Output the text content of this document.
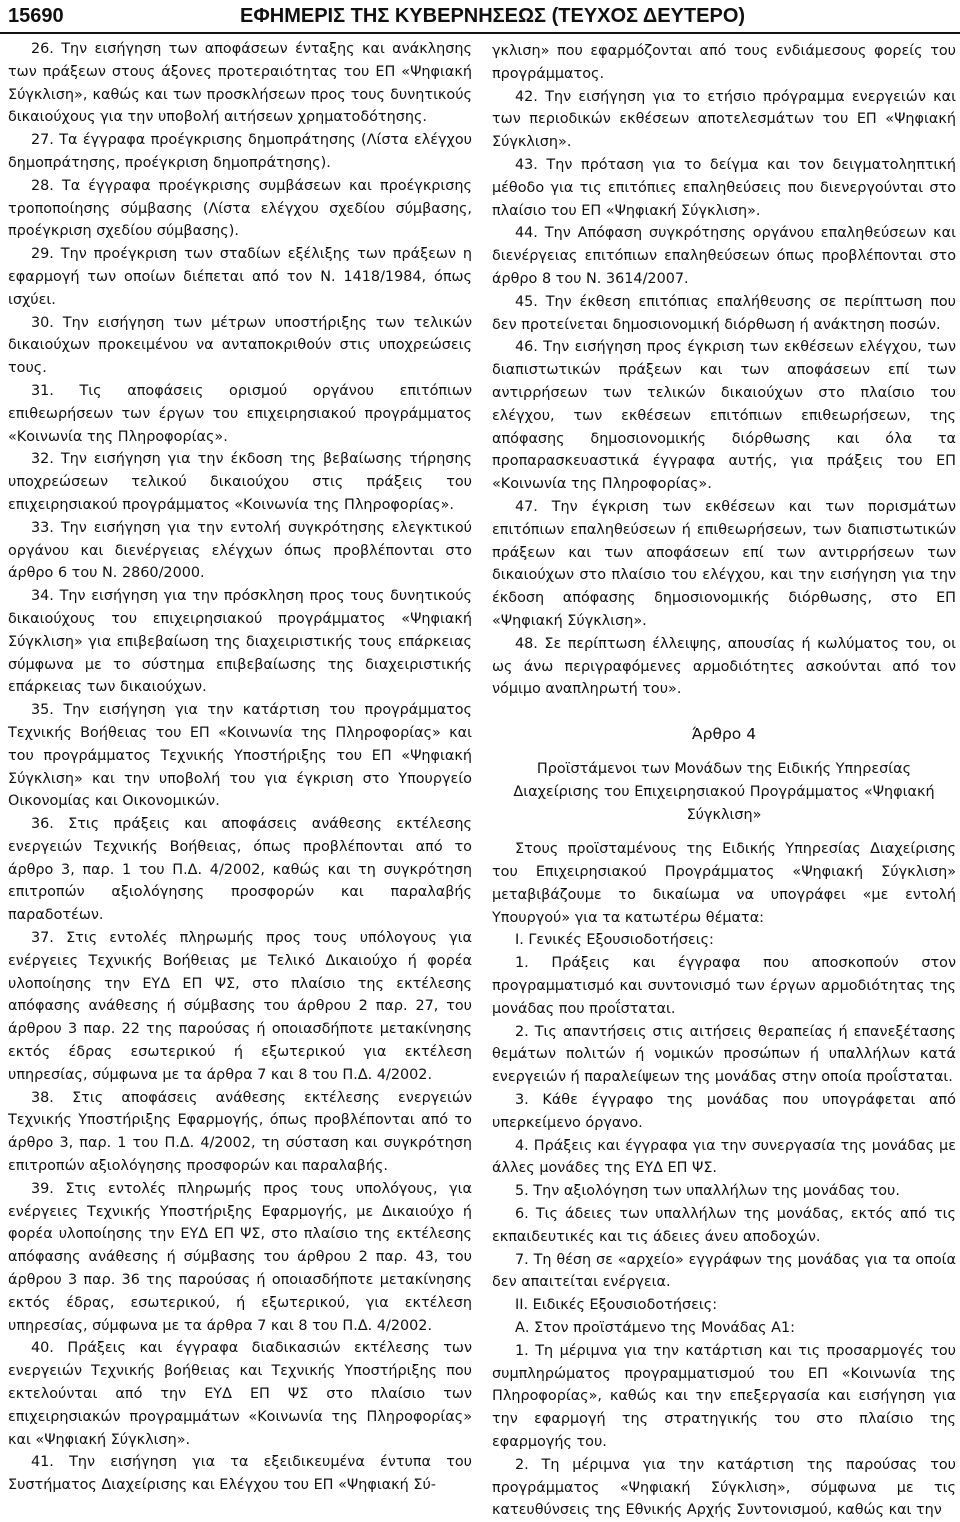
15690	ΕΦΗΜΕΡΙΣ ΤΗΣ ΚΥΒΕΡΝΗΣΕΩΣ (ΤΕΥΧΟΣ ΔΕΥΤΕΡΟ)

26. Την εισήγηση των αποφάσεων ένταξης και ανάκλησης των πράξεων στους άξονες προτεραιότητας του ΕΠ «Ψηφιακή Σύγκλιση», καθώς και των προσκλήσεων προς τους δυνητικούς δικαιούχους για την υποβολή αιτήσεων χρηματοδότησης.

27. Τα έγγραφα προέγκρισης δημοπράτησης (Λίστα ελέγχου δημοπράτησης, προέγκριση δημοπράτησης).

28. Τα έγγραφα προέγκρισης συμβάσεων και προέγκρισης τροποποίησης σύμβασης (Λίστα ελέγχου σχεδίου σύμβασης, προέγκριση σχεδίου σύμβασης).

29. Την προέγκριση των σταδίων εξέλιξης των πράξεων η εφαρμογή των οποίων διέπεται από τον Ν. 1418/1984, όπως ισχύει.

30. Την εισήγηση των μέτρων υποστήριξης των τελικών δικαιούχων προκειμένου να ανταποκριθούν στις υποχρεώσεις τους.

31. Τις αποφάσεις ορισμού οργάνου επιτόπιων επιθεωρήσεων των έργων του επιχειρησιακού προγράμματος «Κοινωνία της Πληροφορίας».

32. Την εισήγηση για την έκδοση της βεβαίωσης τήρησης υποχρεώσεων τελικού δικαιούχου στις πράξεις του επιχειρησιακού προγράμματος «Κοινωνία της Πληροφορίας».

33. Την εισήγηση για την εντολή συγκρότησης ελεγκτικού οργάνου και διενέργειας ελέγχων όπως προβλέπονται στο άρθρο 6 του Ν. 2860/2000.

34. Την εισήγηση για την πρόσκληση προς τους δυνητικούς δικαιούχους του επιχειρησιακού προγράμματος «Ψηφιακή Σύγκλιση» για επιβεβαίωση της διαχειριστικής τους επάρκειας σύμφωνα με το σύστημα επιβεβαίωσης της διαχειριστικής επάρκειας των δικαιούχων.

35. Την εισήγηση για την κατάρτιση του προγράμματος Τεχνικής Βοήθειας του ΕΠ «Κοινωνία της Πληροφορίας» και του προγράμματος Τεχνικής Υποστήριξης του ΕΠ «Ψηφιακή Σύγκλιση» και την υποβολή του για έγκριση στο Υπουργείο Οικονομίας και Οικονομικών.

36. Στις πράξεις και αποφάσεις ανάθεσης εκτέλεσης ενεργειών Τεχνικής Βοήθειας, όπως προβλέπονται από το άρθρο 3, παρ. 1 του Π.Δ. 4/2002, καθώς και τη συγκρότηση επιτροπών αξιολόγησης προσφορών και παραλαβής παραδοτέων.

37. Στις εντολές πληρωμής προς τους υπόλογους για ενέργειες Τεχνικής Βοήθειας με Τελικό Δικαιούχο ή φορέα υλοποίησης την ΕΥΔ ΕΠ ΨΣ, στο πλαίσιο της εκτέλεσης απόφασης ανάθεσης ή σύμβασης του άρθρου 2 παρ. 27, του άρθρου 3 παρ. 22 της παρούσας ή οποιασδήποτε μετακίνησης εκτός έδρας εσωτερικού ή εξωτερικού για εκτέλεση υπηρεσίας, σύμφωνα με τα άρθρα 7 και 8 του Π.Δ. 4/2002.

38. Στις αποφάσεις ανάθεσης εκτέλεσης ενεργειών Τεχνικής Υποστήριξης Εφαρμογής, όπως προβλέπονται από το άρθρο 3, παρ. 1 του Π.Δ. 4/2002, τη σύσταση και συγκρότηση επιτροπών αξιολόγησης προσφορών και παραλαβής.

39. Στις εντολές πληρωμής προς τους υπολόγους, για ενέργειες Τεχνικής Υποστήριξης Εφαρμογής, με Δικαιούχο ή φορέα υλοποίησης την ΕΥΔ ΕΠ ΨΣ, στο πλαίσιο της εκτέλεσης απόφασης ανάθεσης ή σύμβασης του άρθρου 2 παρ. 43, του άρθρου 3 παρ. 36 της παρούσας ή οποιασδήποτε μετακίνησης εκτός έδρας, εσωτερικού, ή εξωτερικού, για εκτέλεση υπηρεσίας, σύμφωνα με τα άρθρα 7 και 8 του Π.Δ. 4/2002.

40. Πράξεις και έγγραφα διαδικασιών εκτέλεσης των ενεργειών Τεχνικής βοήθειας και Τεχνικής Υποστήριξης που εκτελούνται από την ΕΥΔ ΕΠ ΨΣ στο πλαίσιο των επιχειρησιακών προγραμμάτων «Κοινωνία της Πληροφορίας» και «Ψηφιακή Σύγκλιση».

41. Την εισήγηση για τα εξειδικευμένα έντυπα του Συστήματος Διαχείρισης και Ελέγχου του ΕΠ «Ψηφιακή Σύ-

γκλιση» που εφαρμόζονται από τους ενδιάμεσους φορείς του προγράμματος.

42. Την εισήγηση για το ετήσιο πρόγραμμα ενεργειών και των περιοδικών εκθέσεων αποτελεσμάτων του ΕΠ «Ψηφιακή Σύγκλιση».

43. Την πρόταση για το δείγμα και τον δειγματοληπτική μέθοδο για τις επιτόπιες επαληθεύσεις που διενεργούνται στο πλαίσιο του ΕΠ «Ψηφιακή Σύγκλιση».

44. Την Απόφαση συγκρότησης οργάνου επαληθεύσεων και διενέργειας επιτόπιων επαληθεύσεων όπως προβλέπονται στο άρθρο 8 του Ν. 3614/2007.

45. Την έκθεση επιτόπιας επαλήθευσης σε περίπτωση που δεν προτείνεται δημοσιονομική διόρθωση ή ανάκτηση ποσών.

46. Την εισήγηση προς έγκριση των εκθέσεων ελέγχου, των διαπιστωτικών πράξεων και των αποφάσεων επί των αντιρρήσεων των τελικών δικαιούχων στο πλαίσιο του ελέγχου, των εκθέσεων επιτόπιων επιθεωρήσεων, της απόφασης δημοσιονομικής διόρθωσης και όλα τα προπαρασκευαστικά έγγραφα αυτής, για πράξεις του ΕΠ «Κοινωνία της Πληροφορίας».

47. Την έγκριση των εκθέσεων και των πορισμάτων επιτόπιων επαληθεύσεων ή επιθεωρήσεων, των διαπιστωτικών πράξεων και των αποφάσεων επί των αντιρρήσεων των δικαιούχων στο πλαίσιο του ελέγχου, και την εισήγηση για την έκδοση απόφασης δημοσιονομικής διόρθωσης, στο ΕΠ «Ψηφιακή Σύγκλιση».

48. Σε περίπτωση έλλειψης, απουσίας ή κωλύματος του, οι ως άνω περιγραφόμενες αρμοδιότητες ασκούνται από τον νόμιμο αναπληρωτή του».

Άρθρο 4

Προϊστάμενοι των Μονάδων της Ειδικής Υπηρεσίας Διαχείρισης του Επιχειρησιακού Προγράμματος «Ψηφιακή Σύγκλιση»

Στους προϊσταμένους της Ειδικής Υπηρεσίας Διαχείρισης του Επιχειρησιακού Προγράμματος «Ψηφιακή Σύγκλιση» μεταβιβάζουμε το δικαίωμα να υπογράφει «με εντολή Υπουργού» για τα κατωτέρω θέματα:

Ι. Γενικές Εξουσιοδοτήσεις:

1. Πράξεις και έγγραφα που αποσκοπούν στον προγραμματισμό και συντονισμό των έργων αρμοδιότητας της μονάδας που προΐσταται.

2. Τις απαντήσεις στις αιτήσεις θεραπείας ή επανεξέτασης θεμάτων πολιτών ή νομικών προσώπων ή υπαλλήλων κατά ενεργειών ή παραλείψεων της μονάδας στην οποία προΐσταται.

3. Κάθε έγγραφο της μονάδας που υπογράφεται από υπερκείμενο όργανο.

4. Πράξεις και έγγραφα για την συνεργασία της μονάδας με άλλες μονάδες της ΕΥΔ ΕΠ ΨΣ.

5. Την αξιολόγηση των υπαλλήλων της μονάδας του.

6. Τις άδειες των υπαλλήλων της μονάδας, εκτός από τις εκπαιδευτικές και τις άδειες άνευ αποδοχών.

7. Τη θέση σε «αρχείο» εγγράφων της μονάδας για τα οποία δεν απαιτείται ενέργεια.

ΙΙ. Ειδικές Εξουσιοδοτήσεις:

Α. Στον προϊστάμενο της Μονάδας Α1:

1. Τη μέριμνα για την κατάρτιση και τις προσαρμογές του συμπληρώματος προγραμματισμού του ΕΠ «Κοινωνία της Πληροφορίας», καθώς και την επεξεργασία και εισήγηση για την εφαρμογή της στρατηγικής του στο πλαίσιο της εφαρμογής του.

2. Τη μέριμνα για την κατάρτιση της παρούσας του προγράμματος «Ψηφιακή Σύγκλιση», σύμφωνα με τις κατευθύνσεις της Εθνικής Αρχής Συντονισμού, καθώς και την
